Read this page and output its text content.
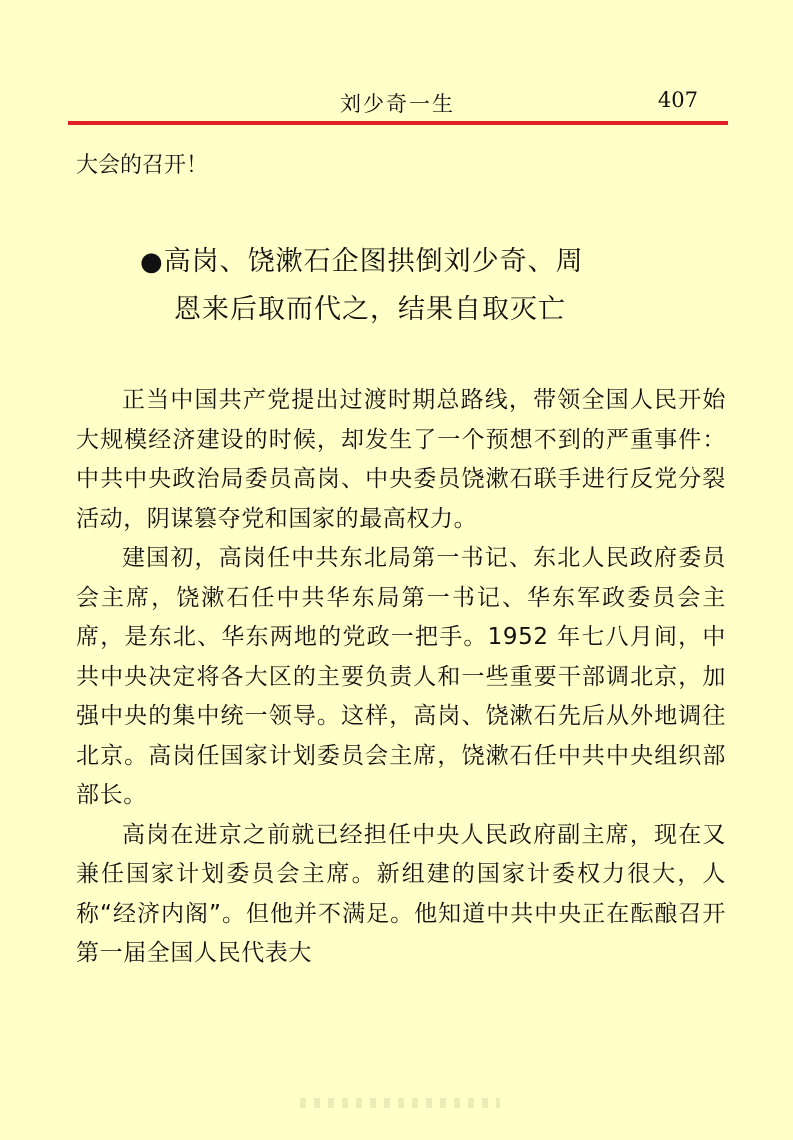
刘少奇一生	407
大会的召开！
●高岗、饶漱石企图拱倒刘少奇、周
恩来后取而代之，结果自取灭亡

正当中国共产党提出过渡时期总路线，带领全国人民开始大规模经济建设的时候，却发生了一个预想不到的严重事件：中共中央政治局委员高岗、中央委员饶漱石联手进行反党分裂活动，阴谋篡夺党和国家的最高权力。

建国初，高岗任中共东北局第一书记、东北人民政府委员会主席，饶漱石任中共华东局第一书记、华东军政委员会主席，是东北、华东两地的党政一把手。1952 年七八月间，中共中央决定将各大区的主要负责人和一些重要干部调北京，加强中央的集中统一领导。这样，高岗、饶漱石先后从外地调往北京。高岗任国家计划委员会主席，饶漱石任中共中央组织部部长。

高岗在进京之前就已经担任中央人民政府副主席，现在又兼任国家计划委员会主席。新组建的国家计委权力很大，人称“经济内阁”。但他并不满足。他知道中共中央正在酝酿召开第一届全国人民代表大
